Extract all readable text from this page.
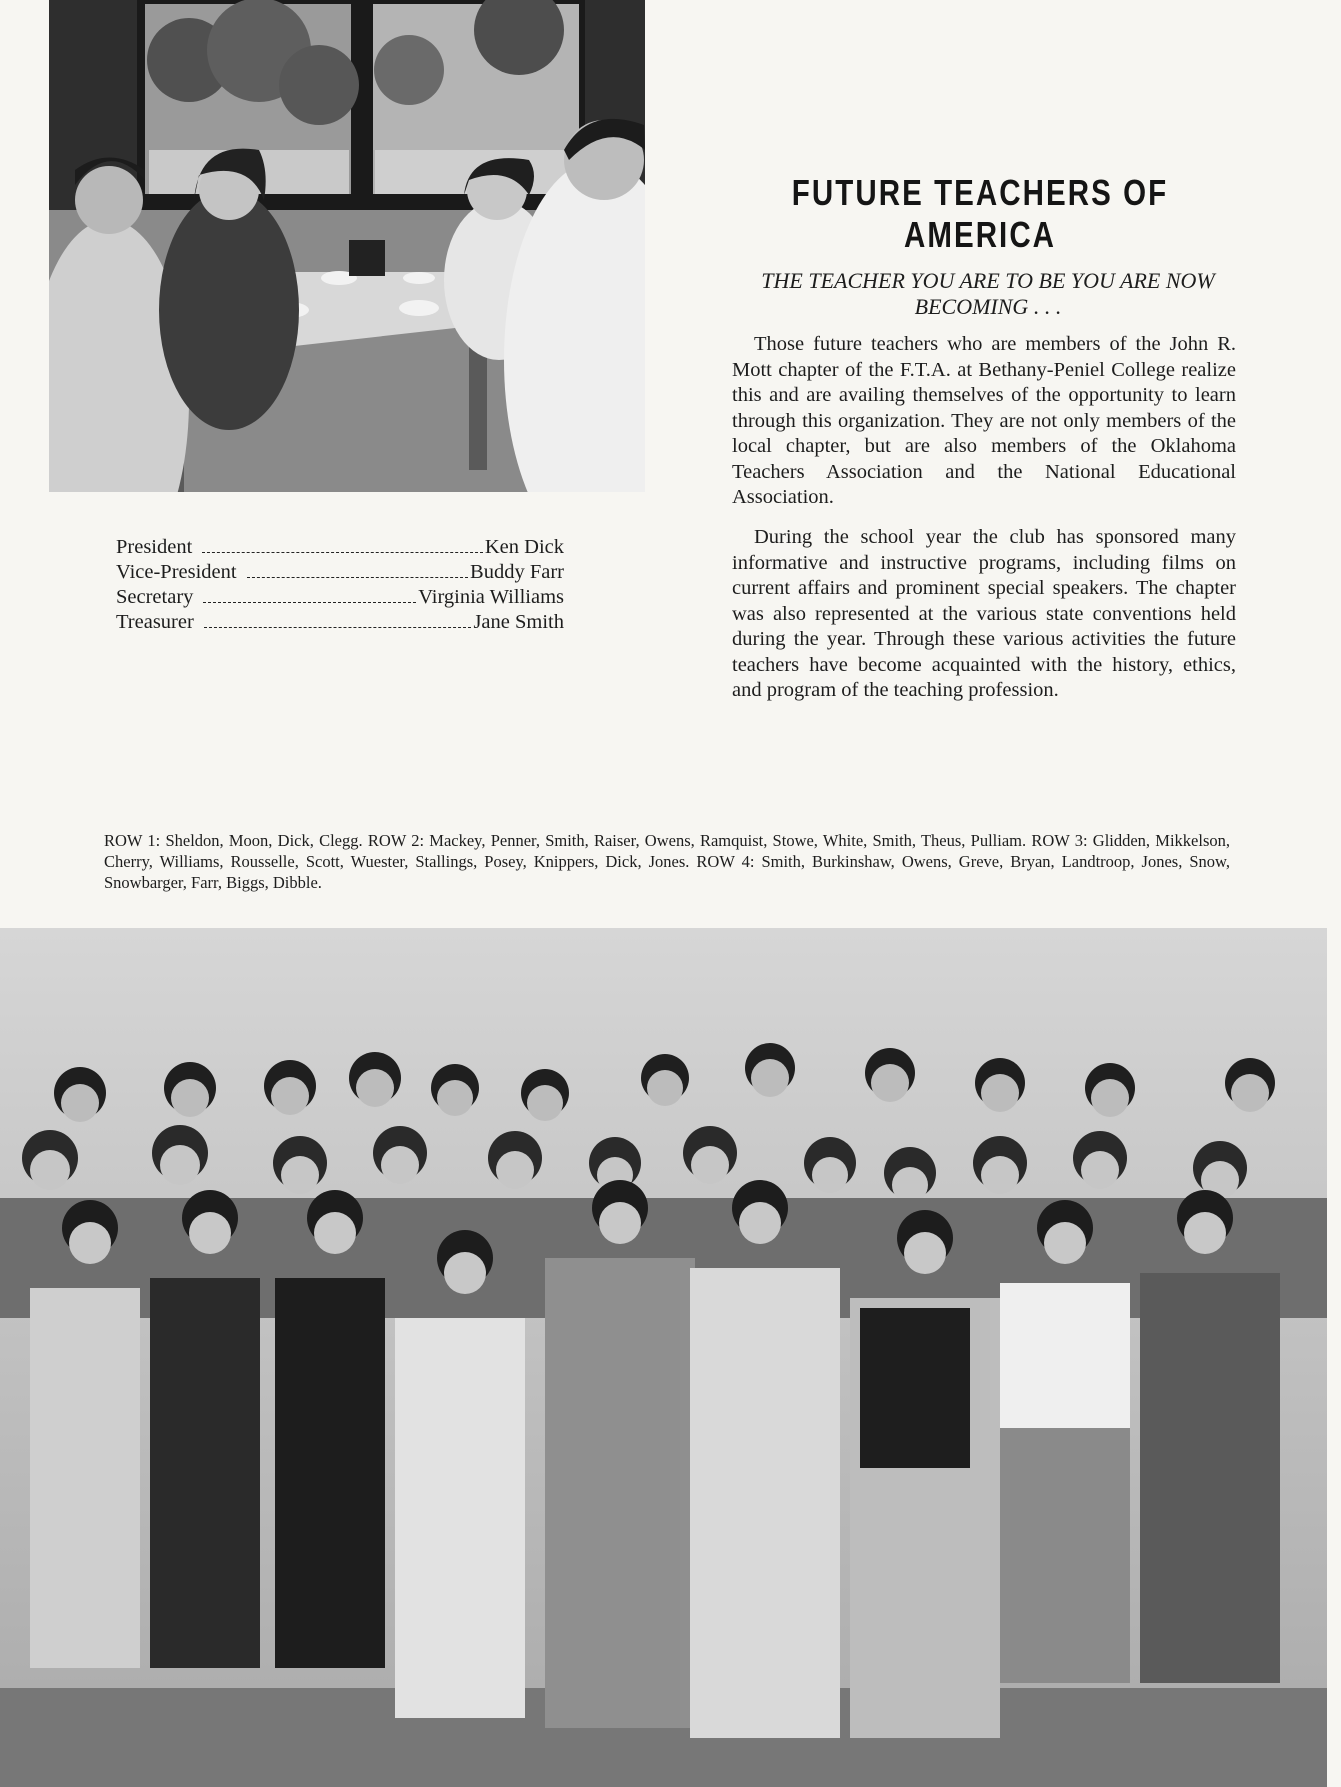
FUTURE TEACHERS OF AMERICA
THE TEACHER YOU ARE TO BE YOU ARE NOW BECOMING . . .

Those future teachers who are members of the John R. Mott chapter of the F.T.A. at Bethany-Peniel College realize this and are availing themselves of the opportunity to learn through this organization. They are not only members of the local chapter, but are also members of the Oklahoma Teachers Association and the National Educational Association.

During the school year the club has sponsored many informative and instructive programs, including films on current affairs and prominent special speakers. The chapter was also represented at the various state conventions held during the year. Through these various activities the future teachers have become acquainted with the history, ethics, and program of the teaching profession.

President	Ken Dick
Vice-President	Buddy Farr
Secretary	Virginia Williams
Treasurer	Jane Smith

ROW 1: Sheldon, Moon, Dick, Clegg. ROW 2: Mackey, Penner, Smith, Raiser, Owens, Ramquist, Stowe, White, Smith, Theus, Pulliam. ROW 3: Glidden, Mikkelson, Cherry, Williams, Rousselle, Scott, Wuester, Stallings, Posey, Knippers, Dick, Jones. ROW 4: Smith, Burkinshaw, Owens, Greve, Bryan, Landtroop, Jones, Snow, Snowbarger, Farr, Biggs, Dibble.
